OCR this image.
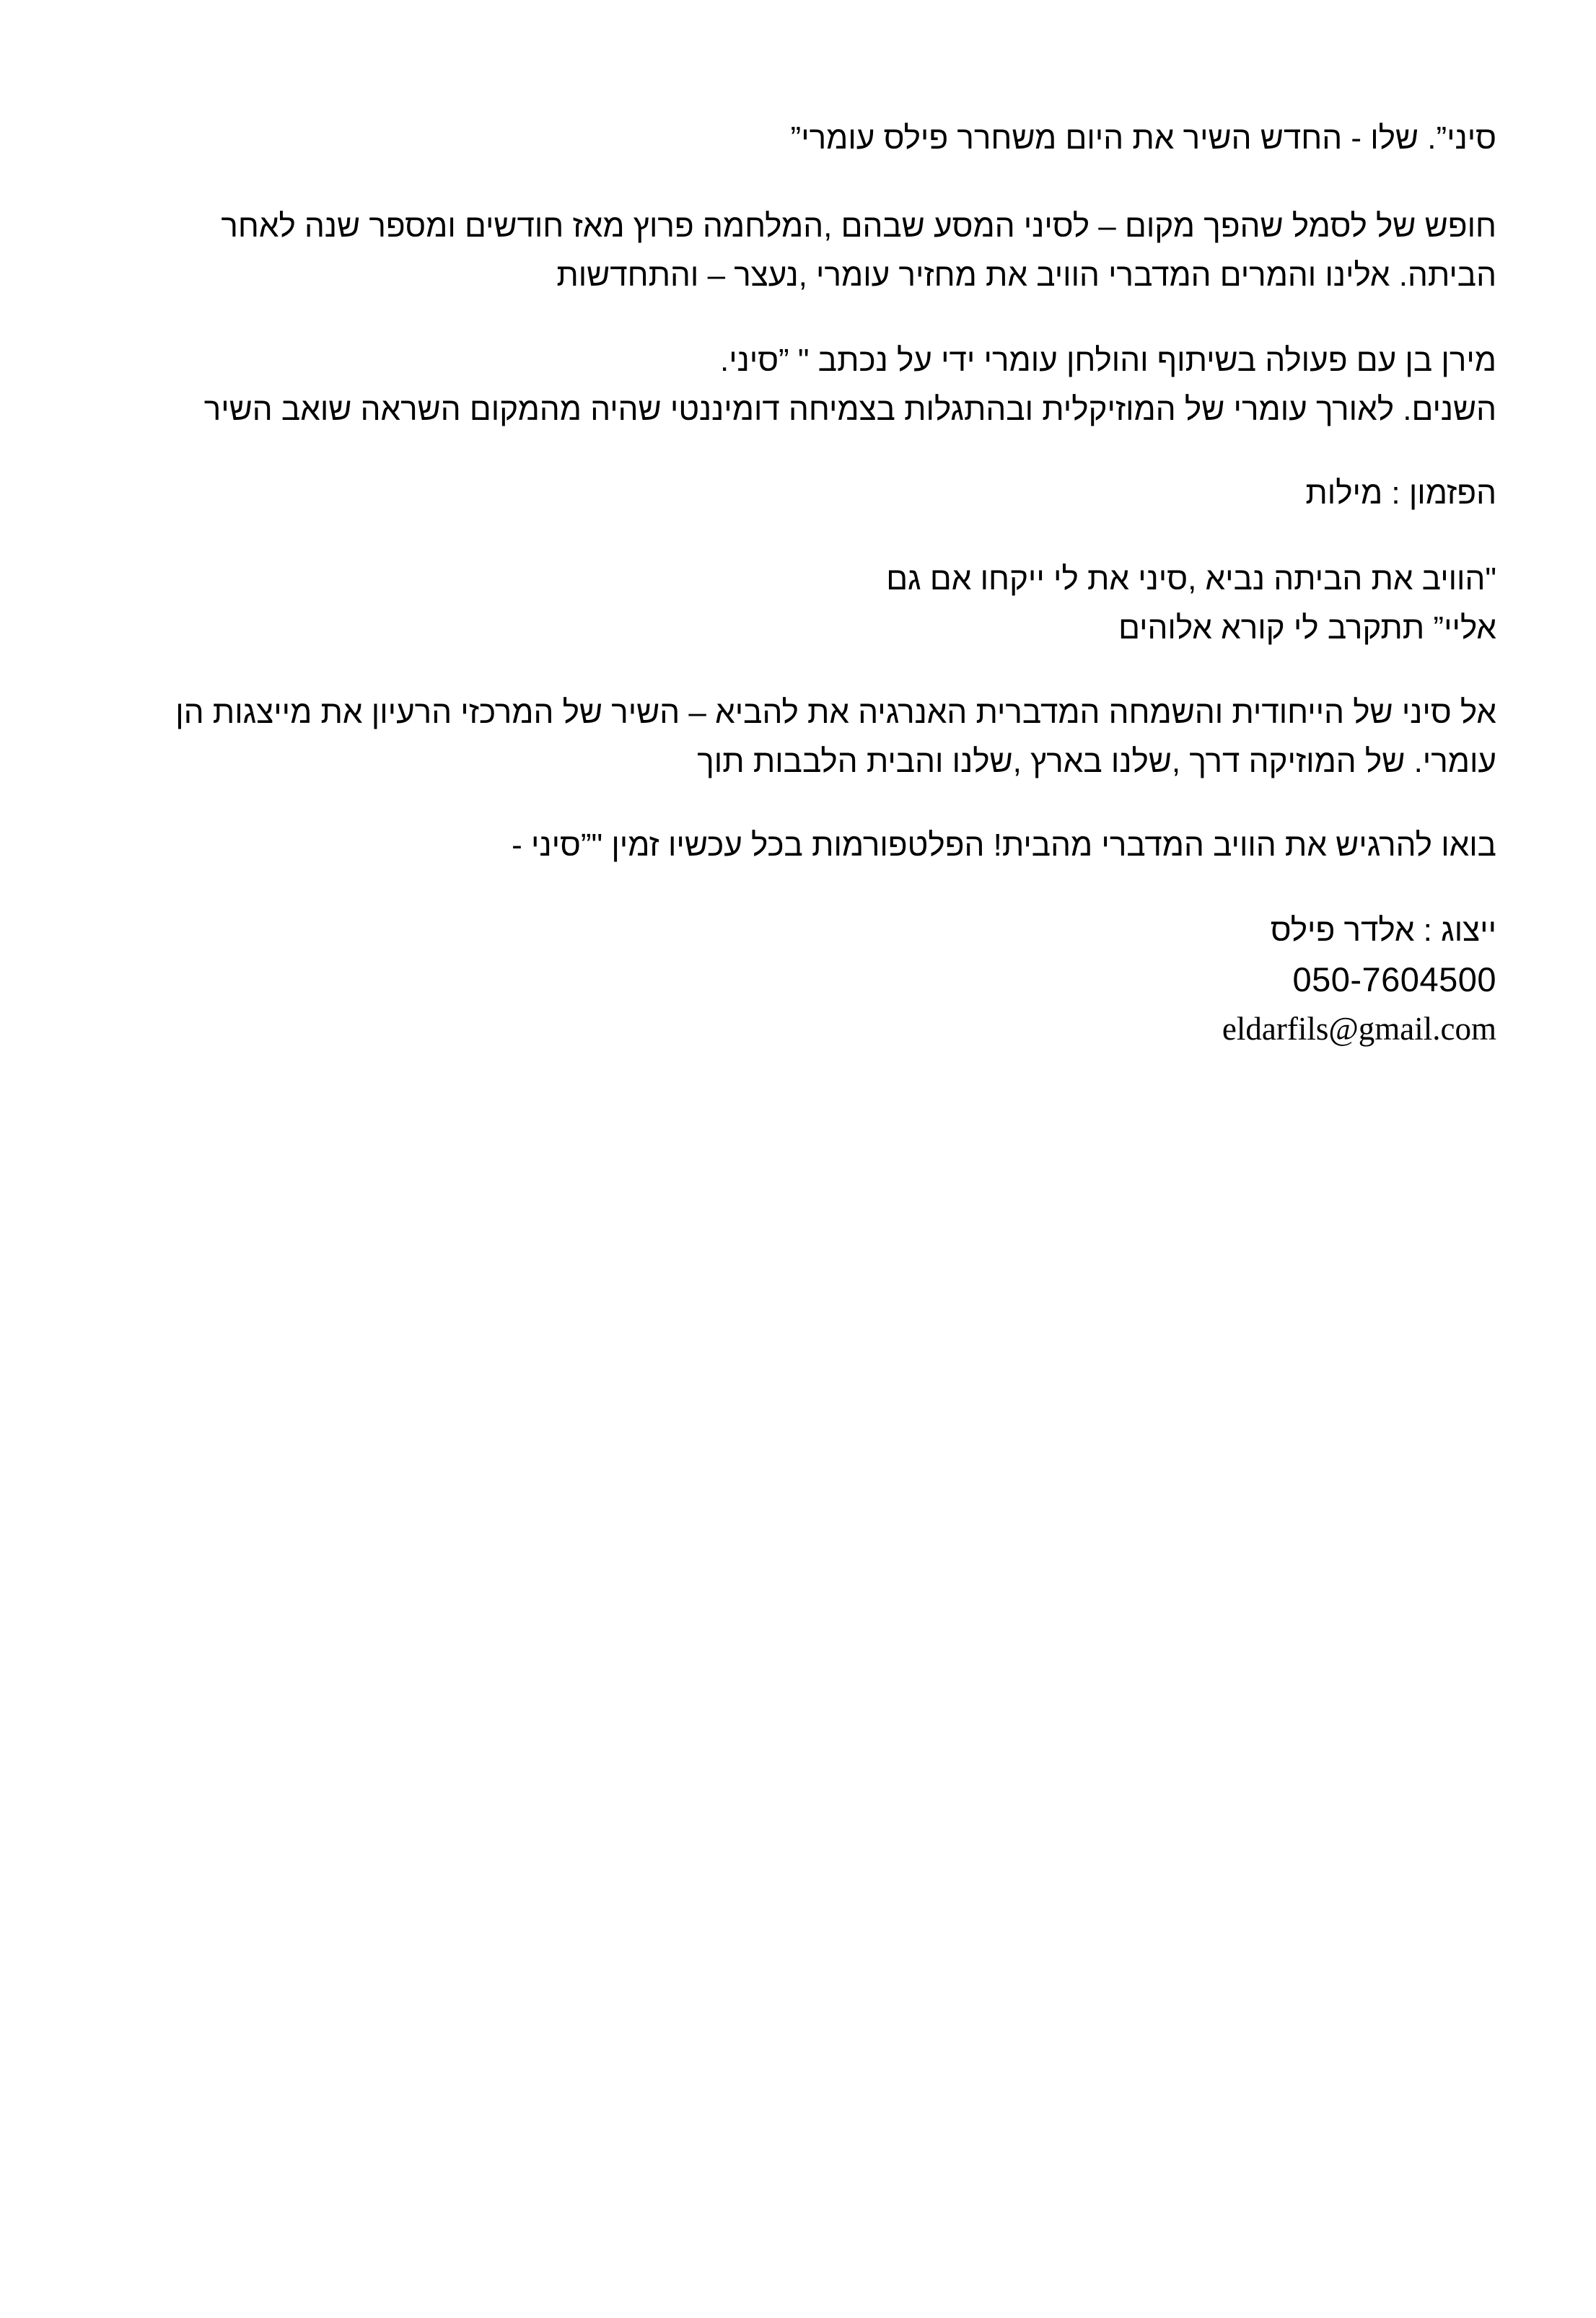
”סיני”. שלו - החדש השיר את היום משחרר פילס עומרי
חופש של לסמל שהפך מקום – לסיני המסע שבהם ,המלחמה פרוץ מאז חודשים ומספר שנה לאחר
הביתה. אלינו והמרים המדברי הוויב את מחזיר עומרי ,נעצר – והתחדשות
.מירן בן עם פעולה בשיתוף והולחן עומרי ידי על נכתב " ”סיני
השנים. לאורך עומרי של המוזיקלית ובהתגלות בצמיחה דומיננטי שהיה מהמקום השראה שואב השיר
הפזמון : מילות
הוויב את הביתה נביא ,סיני את לי ייקחו אם גם"
אליי” תתקרב לי קורא אלוהים
אל סיני של הייחודית והשמחה המדברית האנרגיה את להביא – השיר של המרכזי הרעיון את מייצגות הן
עומרי. של המוזיקה דרך ,שלנו בארץ ,שלנו והבית הלבבות תוך
- בואו להרגיש את הוויב המדברי מהבית! הפלטפורמות בכל עכשיו זמין "”סיני
ייצוג : אלדר פילס
050-7604500
eldarfils@gmail.com
